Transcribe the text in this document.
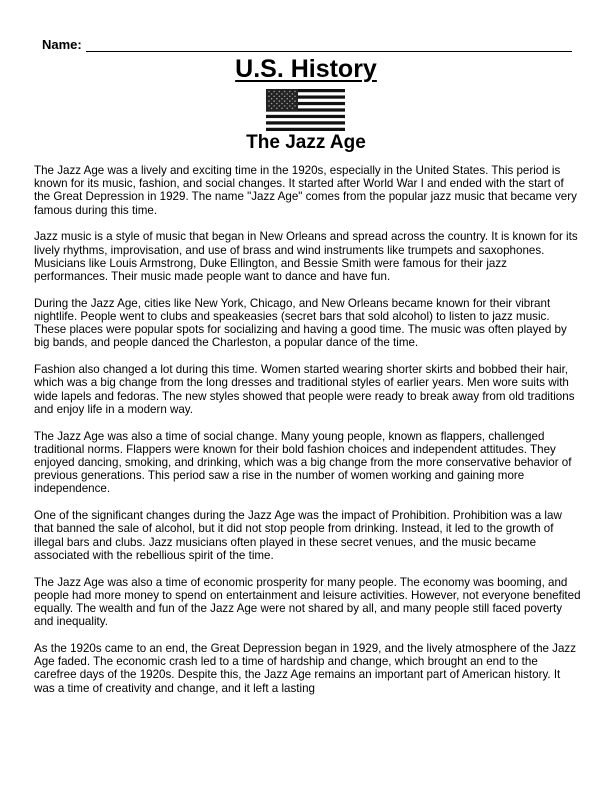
Name:
U.S. History
The Jazz Age

The Jazz Age was a lively and exciting time in the 1920s, especially in the United States. This period is known for its music, fashion, and social changes. It started after World War I and ended with the start of the Great Depression in 1929. The name "Jazz Age" comes from the popular jazz music that became very famous during this time.

Jazz music is a style of music that began in New Orleans and spread across the country. It is known for its lively rhythms, improvisation, and use of brass and wind instruments like trumpets and saxophones. Musicians like Louis Armstrong, Duke Ellington, and Bessie Smith were famous for their jazz performances. Their music made people want to dance and have fun.

During the Jazz Age, cities like New York, Chicago, and New Orleans became known for their vibrant nightlife. People went to clubs and speakeasies (secret bars that sold alcohol) to listen to jazz music. These places were popular spots for socializing and having a good time. The music was often played by big bands, and people danced the Charleston, a popular dance of the time.

Fashion also changed a lot during this time. Women started wearing shorter skirts and bobbed their hair, which was a big change from the long dresses and traditional styles of earlier years. Men wore suits with wide lapels and fedoras. The new styles showed that people were ready to break away from old traditions and enjoy life in a modern way.

The Jazz Age was also a time of social change. Many young people, known as flappers, challenged traditional norms. Flappers were known for their bold fashion choices and independent attitudes. They enjoyed dancing, smoking, and drinking, which was a big change from the more conservative behavior of previous generations. This period saw a rise in the number of women working and gaining more independence.

One of the significant changes during the Jazz Age was the impact of Prohibition. Prohibition was a law that banned the sale of alcohol, but it did not stop people from drinking. Instead, it led to the growth of illegal bars and clubs. Jazz musicians often played in these secret venues, and the music became associated with the rebellious spirit of the time.

The Jazz Age was also a time of economic prosperity for many people. The economy was booming, and people had more money to spend on entertainment and leisure activities. However, not everyone benefited equally. The wealth and fun of the Jazz Age were not shared by all, and many people still faced poverty and inequality.

As the 1920s came to an end, the Great Depression began in 1929, and the lively atmosphere of the Jazz Age faded. The economic crash led to a time of hardship and change, which brought an end to the carefree days of the 1920s. Despite this, the Jazz Age remains an important part of American history. It was a time of creativity and change, and it left a lasting
